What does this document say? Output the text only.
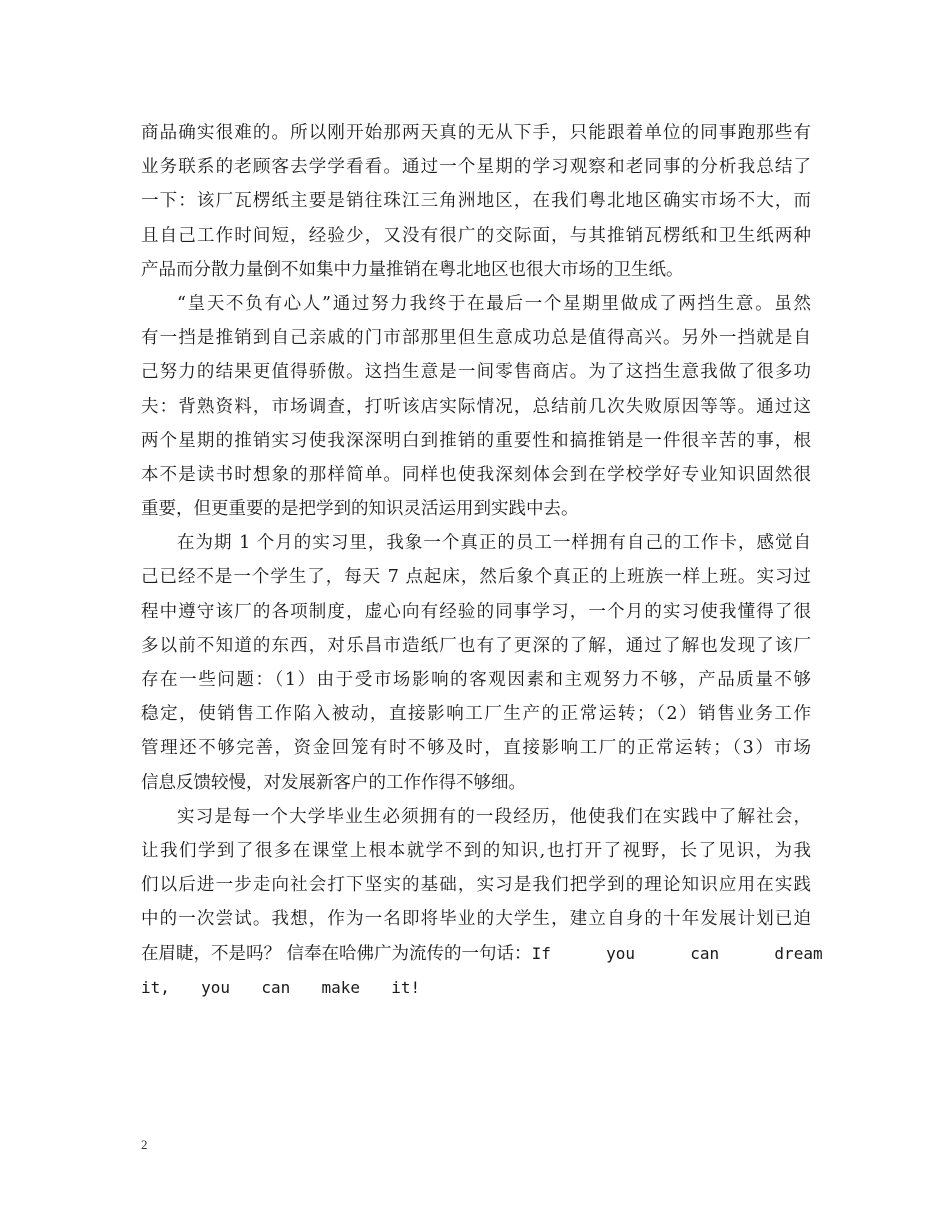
商品确实很难的。所以刚开始那两天真的无从下手，只能跟着单位的同事跑那些有
业务联系的老顾客去学学看看。通过一个星期的学习观察和老同事的分析我总结了
一下：该厂瓦楞纸主要是销往珠江三角洲地区，在我们粤北地区确实市场不大，而
且自己工作时间短，经验少，又没有很广的交际面，与其推销瓦楞纸和卫生纸两种
产品而分散力量倒不如集中力量推销在粤北地区也很大市场的卫生纸。
“皇天不负有心人”通过努力我终于在最后一个星期里做成了两挡生意。虽然
有一挡是推销到自己亲戚的门市部那里但生意成功总是值得高兴。另外一挡就是自
己努力的结果更值得骄傲。这挡生意是一间零售商店。为了这挡生意我做了很多功
夫：背熟资料，市场调查，打听该店实际情况，总结前几次失败原因等等。通过这
两个星期的推销实习使我深深明白到推销的重要性和搞推销是一件很辛苦的事，根
本不是读书时想象的那样简单。同样也使我深刻体会到在学校学好专业知识固然很
重要，但更重要的是把学到的知识灵活运用到实践中去。
在为期 1 个月的实习里，我象一个真正的员工一样拥有自己的工作卡，感觉自
己已经不是一个学生了，每天 7 点起床，然后象个真正的上班族一样上班。实习过
程中遵守该厂的各项制度，虚心向有经验的同事学习，一个月的实习使我懂得了很
多以前不知道的东西，对乐昌市造纸厂也有了更深的了解，通过了解也发现了该厂
存在一些问题：（1）由于受市场影响的客观因素和主观努力不够，产品质量不够
稳定，使销售工作陷入被动，直接影响工厂生产的正常运转；（2）销售业务工作
管理还不够完善，资金回笼有时不够及时，直接影响工厂的正常运转；（3）市场
信息反馈较慢，对发展新客户的工作作得不够细。
实习是每一个大学毕业生必须拥有的一段经历，他使我们在实践中了解社会，
让我们学到了很多在课堂上根本就学不到的知识,也打开了视野，长了见识，为我
们以后进一步走向社会打下坚实的基础，实习是我们把学到的理论知识应用在实践
中的一次尝试。我想，作为一名即将毕业的大学生，建立自身的十年发展计划已迫
在眉睫，不是吗？ 信奉在哈佛广为流传的一句话： If  you  can  dream
it,  you  can  make  it!
2
